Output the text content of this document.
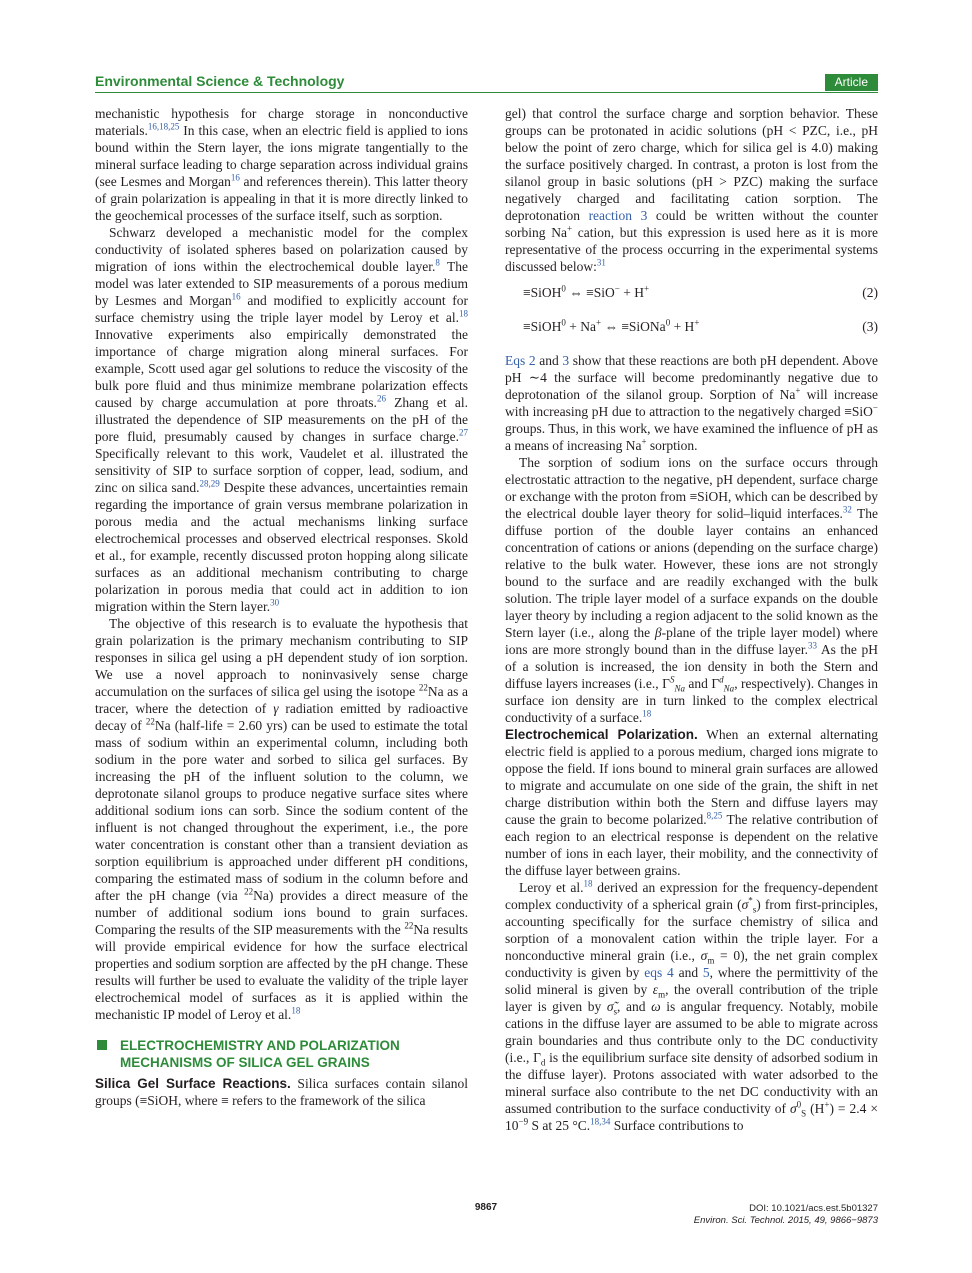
Environmental Science & Technology	Article

mechanistic hypothesis for charge storage in nonconductive materials.$^{16,18,25}$ In this case, when an electric field is applied to ions bound within the Stern layer, the ions migrate tangentially to the mineral surface leading to charge separation across individual grains (see Lesmes and Morgan$^{16}$ and references therein). This latter theory of grain polarization is appealing in that it is more directly linked to the geochemical processes of the surface itself, such as sorption.

Schwarz developed a mechanistic model for the complex conductivity of isolated spheres based on polarization caused by migration of ions within the electrochemical double layer.$^8$ The model was later extended to SIP measurements of a porous medium by Lesmes and Morgan$^{16}$ and modified to explicitly account for surface chemistry using the triple layer model by Leroy et al.$^{18}$ Innovative experiments also empirically demonstrated the importance of charge migration along mineral surfaces. For example, Scott used agar gel solutions to reduce the viscosity of the bulk pore fluid and thus minimize membrane polarization effects caused by charge accumulation at pore throats.$^{26}$ Zhang et al. illustrated the dependence of SIP measurements on the pH of the pore fluid, presumably caused by changes in surface charge.$^{27}$ Specifically relevant to this work, Vaudelet et al. illustrated the sensitivity of SIP to surface sorption of copper, lead, sodium, and zinc on silica sand.$^{28,29}$ Despite these advances, uncertainties remain regarding the importance of grain versus membrane polarization in porous media and the actual mechanisms linking surface electrochemical processes and observed electrical responses. Skold et al., for example, recently discussed proton hopping along silicate surfaces as an additional mechanism contributing to charge polarization in porous media that could act in addition to ion migration within the Stern layer.$^{30}$

The objective of this research is to evaluate the hypothesis that grain polarization is the primary mechanism contributing to SIP responses in silica gel using a pH dependent study of ion sorption. We use a novel approach to noninvasively sense charge accumulation on the surfaces of silica gel using the isotope $^{22}$Na as a tracer, where the detection of γ radiation emitted by radioactive decay of $^{22}$Na (half-life = 2.60 yrs) can be used to estimate the total mass of sodium within an experimental column, including both sodium in the pore water and sorbed to silica gel surfaces. By increasing the pH of the influent solution to the column, we deprotonate silanol groups to produce negative surface sites where additional sodium ions can sorb. Since the sodium content of the influent is not changed throughout the experiment, i.e., the pore water concentration is constant other than a transient deviation as sorption equilibrium is approached under different pH conditions, comparing the estimated mass of sodium in the column before and after the pH change (via $^{22}$Na) provides a direct measure of the number of additional sodium ions bound to grain surfaces. Comparing the results of the SIP measurements with the $^{22}$Na results will provide empirical evidence for how the surface electrical properties and sodium sorption are affected by the pH change. These results will further be used to evaluate the validity of the triple layer electrochemical model of surfaces as it is applied within the mechanistic IP model of Leroy et al.$^{18}$

ELECTROCHEMISTRY AND POLARIZATION
MECHANISMS OF SILICA GEL GRAINS

Silica Gel Surface Reactions. Silica surfaces contain silanol groups (≡SiOH, where ≡ refers to the framework of the silica

gel) that control the surface charge and sorption behavior. These groups can be protonated in acidic solutions (pH < PZC, i.e., pH below the point of zero charge, which for silica gel is 4.0) making the surface positively charged. In contrast, a proton is lost from the silanol group in basic solutions (pH > PZC) making the surface negatively charged and facilitating cation sorption. The deprotonation reaction 3 could be written without the counter sorbing Na+ cation, but this expression is used here as it is more representative of the process occurring in the experimental systems discussed below:$^{31}$

≡SiOH$^0$ ⇔ ≡SiO− + H+	(2)
≡SiOH$^0$ + Na+ ⇔ ≡SiONa$^0$ + H+	(3)

Eqs 2 and 3 show that these reactions are both pH dependent. Above pH ∼4 the surface will become predominantly negative due to deprotonation of the silanol group. Sorption of Na+ will increase with increasing pH due to attraction to the negatively charged ≡SiO− groups. Thus, in this work, we have examined the influence of pH as a means of increasing Na+ sorption.

The sorption of sodium ions on the surface occurs through electrostatic attraction to the negative, pH dependent, surface charge or exchange with the proton from ≡SiOH, which can be described by the electrical double layer theory for solid–liquid interfaces.$^{32}$ The diffuse portion of the double layer contains an enhanced concentration of cations or anions (depending on the surface charge) relative to the bulk water. However, these ions are not strongly bound to the surface and are readily exchanged with the bulk solution. The triple layer model of a surface expands on the double layer theory by including a region adjacent to the solid known as the Stern layer (i.e., along the β-plane of the triple layer model) where ions are more strongly bound than in the diffuse layer.$^{33}$ As the pH of a solution is increased, the ion density in both the Stern and diffuse layers increases (i.e., $\Gamma^S_{Na}$ and $\Gamma^d_{Na}$, respectively). Changes in surface ion density are in turn linked to the complex electrical conductivity of a surface.$^{18}$

Electrochemical Polarization. When an external alternating electric field is applied to a porous medium, charged ions migrate to oppose the field. If ions bound to mineral grain surfaces are allowed to migrate and accumulate on one side of the grain, the shift in net charge distribution within both the Stern and diffuse layers may cause the grain to become polarized.$^{8,25}$ The relative contribution of each region to an electrical response is dependent on the relative number of ions in each layer, their mobility, and the connectivity of the diffuse layer between grains.

Leroy et al.$^{18}$ derived an expression for the frequency-dependent complex conductivity of a spherical grain $(\sigma^*_s)$ from first-principles, accounting specifically for the surface chemistry of silica and sorption of a monovalent cation within the triple layer. For a nonconductive mineral grain (i.e., $\sigma_m = 0$), the net grain complex conductivity is given by eqs 4 and 5, where the permittivity of the solid mineral is given by $\varepsilon_m$, the overall contribution of the triple layer is given by $\sigmã_s$, and ω is angular frequency. Notably, mobile cations in the diffuse layer are assumed to be able to migrate across grain boundaries and thus contribute only to the DC conductivity (i.e., $\Gamma_d$ is the equilibrium surface site density of adsorbed sodium in the diffuse layer). Protons associated with water adsorbed to the mineral surface also contribute to the net DC conductivity with an assumed contribution to the surface conductivity of $\sigma^0_S$ $(H^+) = 2.4 \times 10^{-9}$ S at 25 °C.$^{18,34}$ Surface contributions to

9867	DOI: 10.1021/acs.est.5b01327
Environ. Sci. Technol. 2015, 49, 9866−9873
